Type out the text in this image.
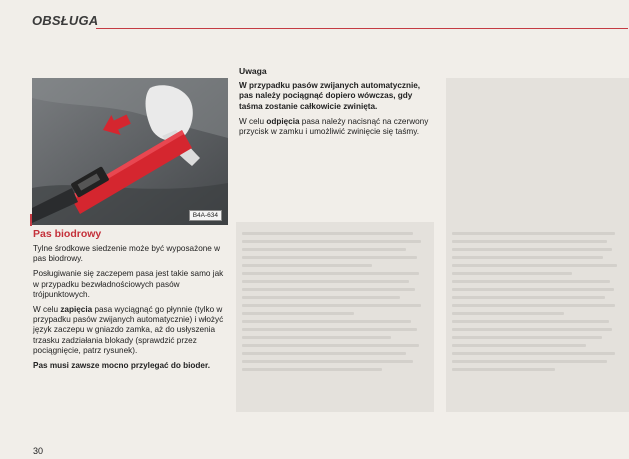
OBSŁUGA
B4A-634
Pas biodrowy

Tylne środkowe siedzenie może być wyposażone w pas biodrowy.

Posługiwanie się zaczepem pasa jest takie samo jak w przypadku bezwładnościowych pasów trójpunktowych.

W celu zapięcia pasa wyciągnąć go płynnie (tylko w przypadku pasów zwijanych automatycznie) i włożyć język zaczepu w gniazdo zamka, aż do usłyszenia trzasku zadziałania blokady (sprawdzić przez pociągnięcie, patrz rysunek).

Pas musi zawsze mocno przylegać do bioder.

Uwaga

W przypadku pasów zwijanych automatycznie, pas należy pociągnąć dopiero wówczas, gdy taśma zostanie całkowicie zwinięta.

W celu odpięcia pasa należy nacisnąć na czerwony przycisk w zamku i umożliwić zwinięcie się taśmy.

30
